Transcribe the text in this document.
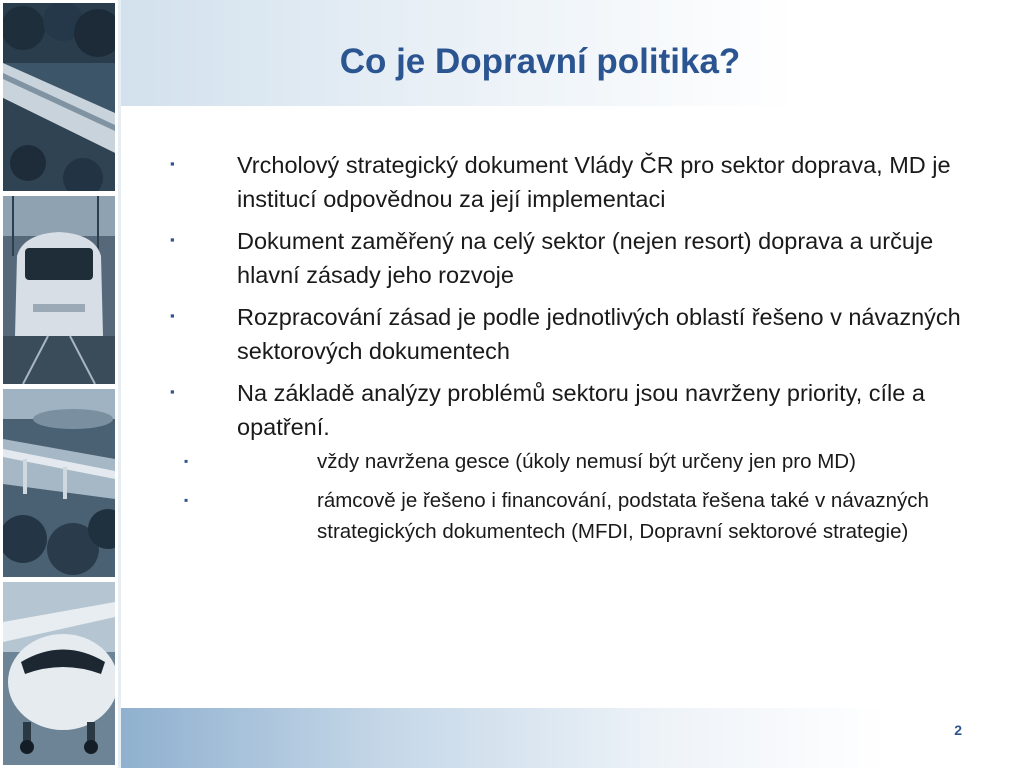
Co je Dopravní politika?
▪	Vrcholový strategický dokument Vlády ČR pro sektor doprava, MD je institucí odpovědnou za její implementaci
▪	Dokument zaměřený na celý sektor (nejen resort) doprava a určuje hlavní zásady jeho rozvoje
▪	Rozpracování zásad je podle jednotlivých oblastí řešeno v návazných sektorových dokumentech
▪	Na základě analýzy problémů sektoru jsou navrženy priority, cíle a opatření.
▪	vždy navržena gesce (úkoly nemusí být určeny jen pro MD)
▪	rámcově je řešeno i financování, podstata řešena také v návazných strategických dokumentech (MFDI, Dopravní sektorové strategie)
2
